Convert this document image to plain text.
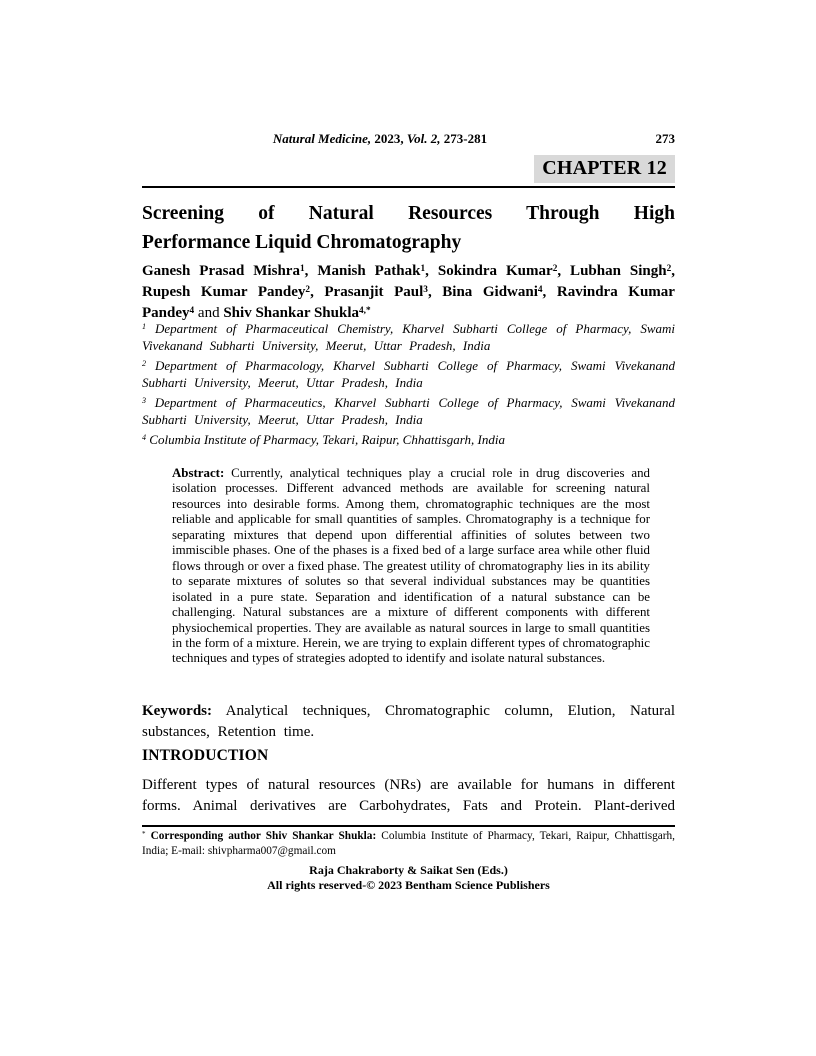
Natural Medicine, 2023, Vol. 2, 273-281	273
CHAPTER 12
Screening of Natural Resources Through High
Performance Liquid Chromatography
Ganesh Prasad Mishra$^1$, Manish Pathak$^1$, Sokindra Kumar$^2$, Lubhan Singh$^2$,
Rupesh Kumar Pandey$^2$, Prasanjit Paul$^3$, Bina Gidwani$^4$, Ravindra Kumar
Pandey$^4$ and Shiv Shankar Shukla$^{4,*}$
$^1$ Department of Pharmaceutical Chemistry, Kharvel Subharti College of Pharmacy, Swami
Vivekanand Subharti University, Meerut, Uttar Pradesh, India
$^2$ Department of Pharmacology, Kharvel Subharti College of Pharmacy, Swami Vivekanand
Subharti University, Meerut, Uttar Pradesh, India
$^3$ Department of Pharmaceutics, Kharvel Subharti College of Pharmacy, Swami Vivekanand
Subharti University, Meerut, Uttar Pradesh, India
$^4$ Columbia Institute of Pharmacy, Tekari, Raipur, Chhattisgarh, India
Abstract: Currently, analytical techniques play a crucial role in drug discoveries and isolation processes. Different advanced methods are available for screening natural resources into desirable forms. Among them, chromatographic techniques are the most reliable and applicable for small quantities of samples. Chromatography is a technique for separating mixtures that depend upon differential affinities of solutes between two immiscible phases. One of the phases is a fixed bed of a large surface area while other fluid flows through or over a fixed phase. The greatest utility of chromatography lies in its ability to separate mixtures of solutes so that several individual substances may be quantities isolated in a pure state. Separation and identification of a natural substance can be challenging. Natural substances are a mixture of different components with different physiochemical properties. They are available as natural sources in large to small quantities in the form of a mixture. Herein, we are trying to explain different types of chromatographic techniques and types of strategies adopted to identify and isolate natural substances.
Keywords: Analytical techniques, Chromatographic column, Elution, Natural
substances, Retention time.
INTRODUCTION
Different types of natural resources (NRs) are available for humans in different
forms. Animal derivatives are Carbohydrates, Fats and Protein. Plant-derived
* Corresponding author Shiv Shankar Shukla: Columbia Institute of Pharmacy, Tekari, Raipur, Chhattisgarh, India; E-mail: shivpharma007@gmail.com
Raja Chakraborty & Saikat Sen (Eds.)
All rights reserved-© 2023 Bentham Science Publishers
